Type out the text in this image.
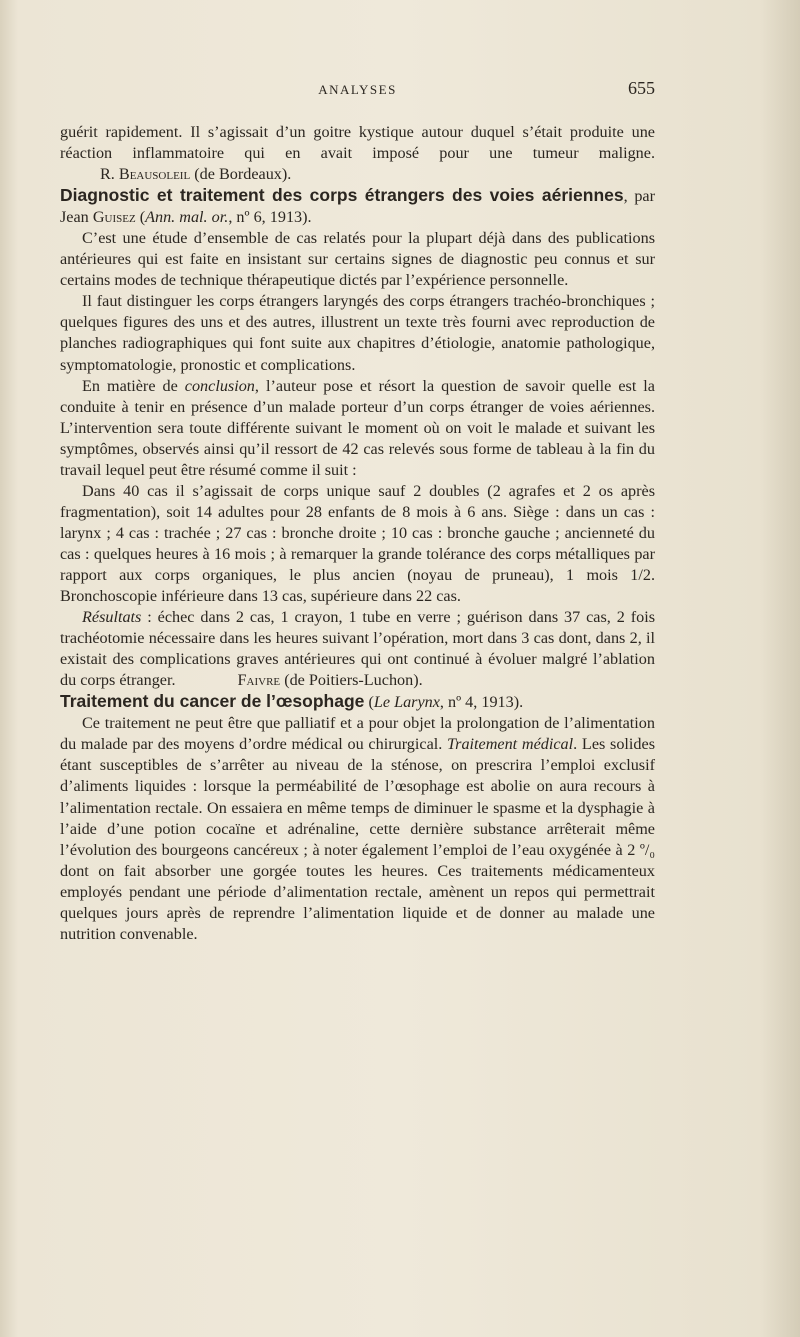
ANALYSES	655

guérit rapidement. Il s’agissait d’un goitre kystique autour duquel s’était produite une réaction inflammatoire qui en avait imposé pour une tumeur maligne.R. Beausoleil (de Bordeaux).

Diagnostic et traitement des corps étrangers des voies aériennes, par Jean Guisez (Ann. mal. or., nº 6, 1913).

C’est une étude d’ensemble de cas relatés pour la plupart déjà dans des publications antérieures qui est faite en insistant sur certains signes de diagnostic peu connus et sur certains modes de technique thérapeutique dictés par l’expérience personnelle.

Il faut distinguer les corps étrangers laryngés des corps étrangers trachéo-bronchiques ; quelques figures des uns et des autres, illustrent un texte très fourni avec reproduction de planches radiographiques qui font suite aux chapitres d’étiologie, anatomie pathologique, symptomatologie, pronostic et complications.

En matière de conclusion, l’auteur pose et résort la question de savoir quelle est la conduite à tenir en présence d’un malade porteur d’un corps étranger de voies aériennes. L’intervention sera toute différente suivant le moment où on voit le malade et suivant les symptômes, observés ainsi qu’il ressort de 42 cas relevés sous forme de tableau à la fin du travail lequel peut être résumé comme il suit :

Dans 40 cas il s’agissait de corps unique sauf 2 doubles (2 agrafes et 2 os après fragmentation), soit 14 adultes pour 28 enfants de 8 mois à 6 ans. Siège : dans un cas : larynx ; 4 cas : trachée ; 27 cas : bronche droite ; 10 cas : bronche gauche ; ancienneté du cas : quelques heures à 16 mois ; à remarquer la grande tolérance des corps métalliques par rapport aux corps organiques, le plus ancien (noyau de pruneau), 1 mois 1/2. Bronchoscopie inférieure dans 13 cas, supérieure dans 22 cas.

Résultats : échec dans 2 cas, 1 crayon, 1 tube en verre ; guérison dans 37 cas, 2 fois trachéotomie nécessaire dans les heures suivant l’opération, mort dans 3 cas dont, dans 2, il existait des complications graves antérieures qui ont continué à évoluer malgré l’ablation du corps étranger.	Faivre (de Poitiers-Luchon).

Traitement du cancer de l’œsophage (Le Larynx, nº 4, 1913).

Ce traitement ne peut être que palliatif et a pour objet la prolongation de l’alimentation du malade par des moyens d’ordre médical ou chirurgical. Traitement médical. Les solides étant susceptibles de s’arrêter au niveau de la sténose, on prescrira l’emploi exclusif d’aliments liquides : lorsque la perméabilité de l’œsophage est abolie on aura recours à l’alimentation rectale. On essaiera en même temps de diminuer le spasme et la dysphagie à l’aide d’une potion cocaïne et adrénaline, cette dernière substance arrêterait même l’évolution des bourgeons cancéreux ; à noter également l’emploi de l’eau oxygénée à 2 º/₀ dont on fait absorber une gorgée toutes les heures. Ces traitements médicamenteux employés pendant une période d’alimentation rectale, amènent un repos qui permettrait quelques jours après de reprendre l’alimentation liquide et de donner au malade une nutrition convenable.
